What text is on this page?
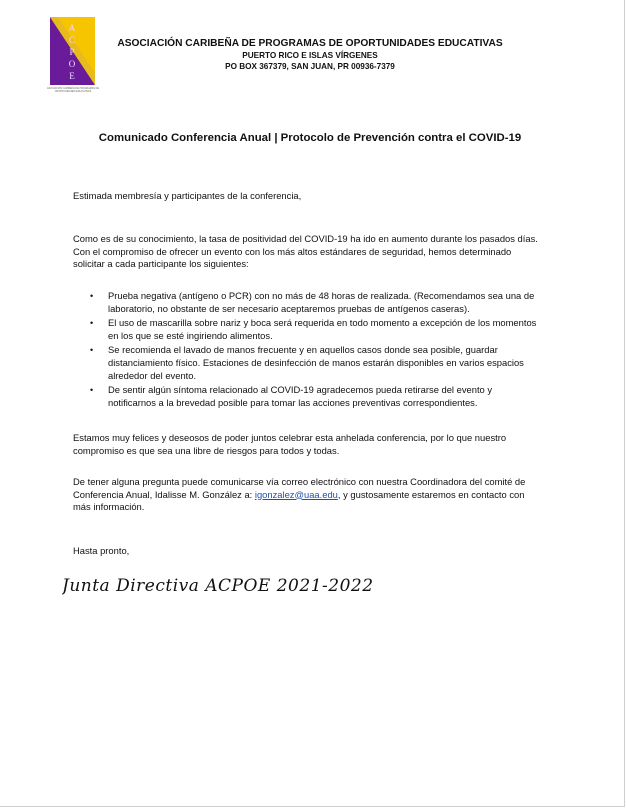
A
C
P
O
E
ASOCIACIÓN CARIBEÑA DE PROGRAMAS DE OPORTUNIDADES EDUCATIVAS
ASOCIACIÓN CARIBEÑA DE PROGRAMAS DE OPORTUNIDADES EDUCATIVAS
PUERTO RICO E ISLAS VÍRGENES
PO BOX 367379, SAN JUAN, PR 00936-7379
Comunicado Conferencia Anual | Protocolo de Prevención contra el COVID-19
Estimada membresía y participantes de la conferencia,
Como es de su conocimiento, la tasa de positividad del COVID-19 ha ido en aumento durante los pasados días. Con el compromiso de ofrecer un evento con los más altos estándares de seguridad, hemos determinado solicitar a cada participante los siguientes:
• Prueba negativa (antígeno o PCR) con no más de 48 horas de realizada. (Recomendamos sea una de laboratorio, no obstante de ser necesario aceptaremos pruebas de antígenos caseras).
• El uso de mascarilla sobre nariz y boca será requerida en todo momento a excepción de los momentos en los que se esté ingiriendo alimentos.
• Se recomienda el lavado de manos frecuente y en aquellos casos donde sea posible, guardar distanciamiento físico. Estaciones de desinfección de manos estarán disponibles en varios espacios alrededor del evento.
• De sentir algún síntoma relacionado al COVID-19 agradecemos pueda retirarse del evento y notificarnos a la brevedad posible para tomar las acciones preventivas correspondientes.
Estamos muy felices y deseosos de poder juntos celebrar esta anhelada conferencia, por lo que nuestro compromiso es que sea una libre de riesgos para todos y todas.
De tener alguna pregunta puede comunicarse vía correo electrónico con nuestra Coordinadora del comité de Conferencia Anual, Idalisse M. González a: igonzalez@uaa.edu, y gustosamente estaremos en contacto con más información.
Hasta pronto,
Junta Directiva ACPOE 2021-2022
